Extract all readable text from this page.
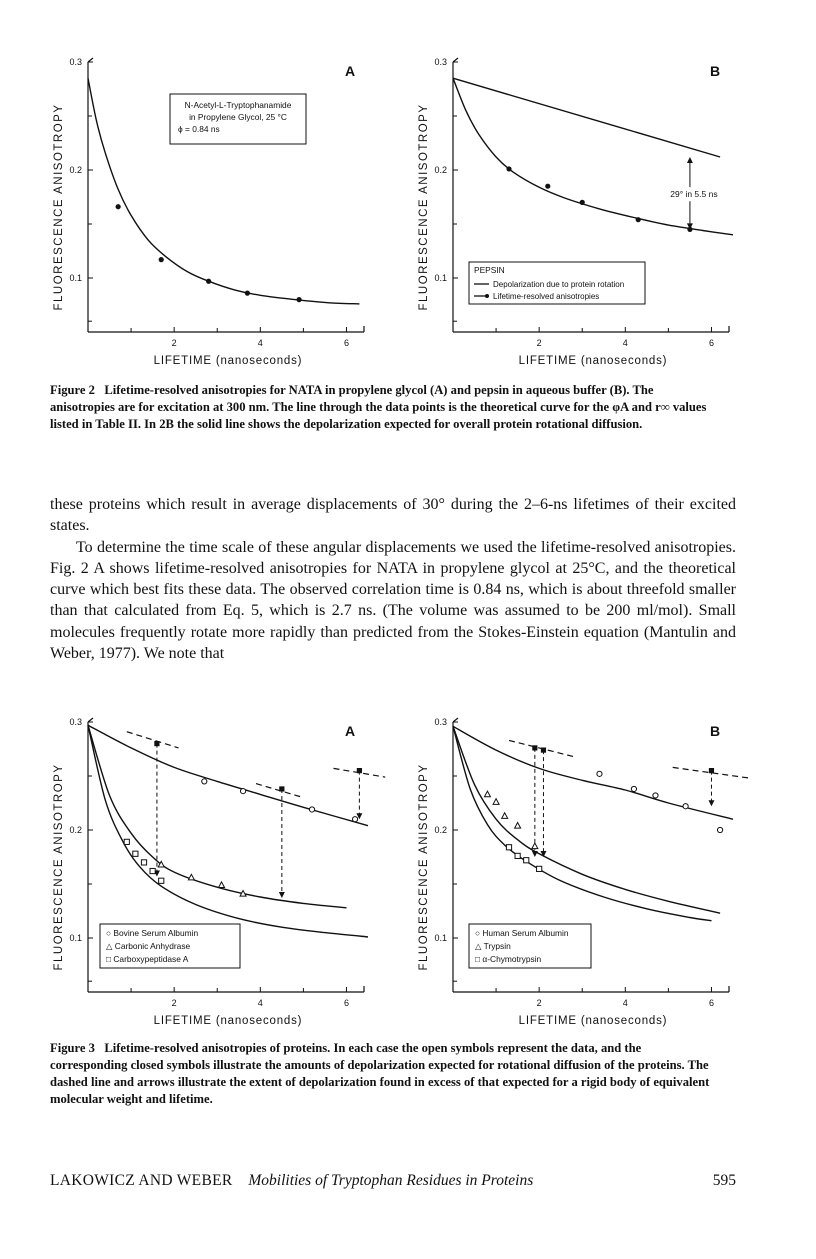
0.3
0.2
0.1
2	4	6
LIFETIME (nanoseconds)
FLUORESCENCE ANISOTROPY
A
N-Acetyl-L-Tryptophanamide
in Propylene Glycol, 25 °C
ϕ = 0.84 ns
0.3
0.2
0.1
2	4	6
LIFETIME (nanoseconds)
FLUORESCENCE ANISOTROPY
B
29° in 5.5 ns
PEPSIN
Depolarization due to protein rotation
Lifetime-resolved anisotropies
Figure 2 Lifetime-resolved anisotropies for NATA in propylene glycol (A) and pepsin in aqueous buffer (B). The anisotropies are for excitation at 300 nm. The line through the data points is the theoretical curve for the φA and r∞ values listed in Table II. In 2B the solid line shows the depolarization expected for overall protein rotational diffusion.

these proteins which result in average displacements of 30° during the 2–6-ns lifetimes of their excited states.

To determine the time scale of these angular displacements we used the lifetime-resolved anisotropies. Fig. 2 A shows lifetime-resolved anisotropies for NATA in propylene glycol at 25°C, and the theoretical curve which best fits these data. The observed correlation time is 0.84 ns, which is about threefold smaller than that calculated from Eq. 5, which is 2.7 ns. (The volume was assumed to be 200 ml/mol). Small molecules frequently rotate more rapidly than predicted from the Stokes-Einstein equation (Mantulin and Weber, 1977). We note that

0.3
0.2
0.1
2	4	6
LIFETIME (nanoseconds)
FLUORESCENCE ANISOTROPY
A
○ Bovine Serum Albumin
△ Carbonic Anhydrase
□ Carboxypeptidase A
0.3
0.2
0.1
2	4	6
LIFETIME (nanoseconds)
FLUORESCENCE ANISOTROPY
B
○ Human Serum Albumin
△ Trypsin
□ α-Chymotrypsin
Figure 3 Lifetime-resolved anisotropies of proteins. In each case the open symbols represent the data, and the corresponding closed symbols illustrate the amounts of depolarization expected for rotational diffusion of the proteins. The dashed line and arrows illustrate the extent of depolarization found in excess of that expected for a rigid body of equivalent molecular weight and lifetime.
LAKOWICZ AND WEBER Mobilities of Tryptophan Residues in Proteins	595
